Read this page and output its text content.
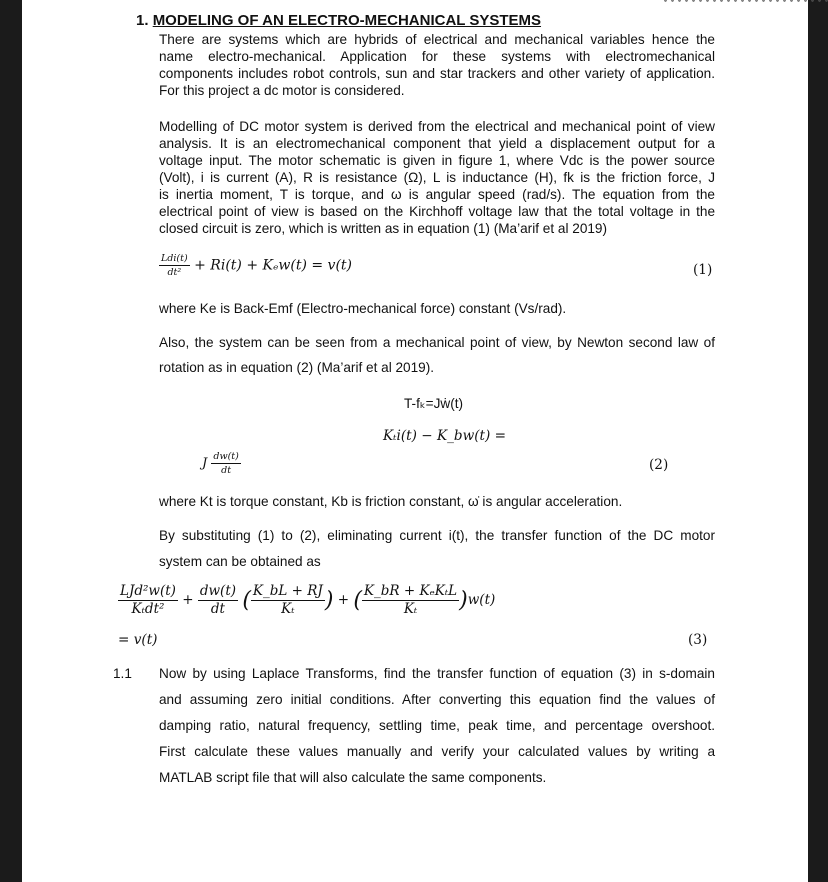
1. MODELING OF AN ELECTRO-MECHANICAL SYSTEMS
There are systems which are hybrids of electrical and mechanical variables hence the
name electro-mechanical. Application for these systems with electromechanical
components includes robot controls, sun and star trackers and other variety of application.
For this project a dc motor is considered.
Modelling of DC motor system is derived from the electrical and mechanical point of view
analysis. It is an electromechanical component that yield a displacement output for a
voltage input. The motor schematic is given in figure 1, where Vdc is the power source
(Volt), i is current (A), R is resistance (Ω), L is inductance (H), fk is the friction force, J
is inertia moment, T is torque, and ω is angular speed (rad/s). The equation from the
electrical point of view is based on the Kirchhoff voltage law that the total voltage in the
closed circuit is zero, which is written as in equation (1) (Ma’arif et al 2019)
$\frac{\text{Ldi(t)}}{\text{dt²}} + Ri(t) + K_ew(t) = v(t)$	(1)
where Ke is Back-Emf (Electro-mechanical force) constant (Vs/rad).
Also, the system can be seen from a mechanical point of view, by Newton second law of
rotation as in equation (2) (Ma’arif et al 2019).
T-fₖ=Jẇ(t)
Kₜi(t) − K_bw(t) =
J $\frac{dw(t)}{dt}$	(2)
where Kt is torque constant, Kb is friction constant, ω̇ is angular acceleration.
By substituting (1) to (2), eliminating current i(t), the transfer function of the DC motor
system can be obtained as
$\frac{\text{LJd²w(t)}}{\text{Kₜdt²}} + \frac{dw(t)}{dt}$ ( $\frac{K\_bL + RJ}{\text{Kₜ}}$ ) + ( $\frac{\text{K\_bR + KₑKₜL}}{\text{Kₜ}} )w(t)$
= v(t)	(3)
1.1 Now by using Laplace Transforms, find the transfer function of equation (3) in s-domain
and assuming zero initial conditions. After converting this equation find the values of
damping ratio, natural frequency, settling time, peak time, and percentage overshoot.
First calculate these values manually and verify your calculated values by writing a
MATLAB script file that will also calculate the same components.
